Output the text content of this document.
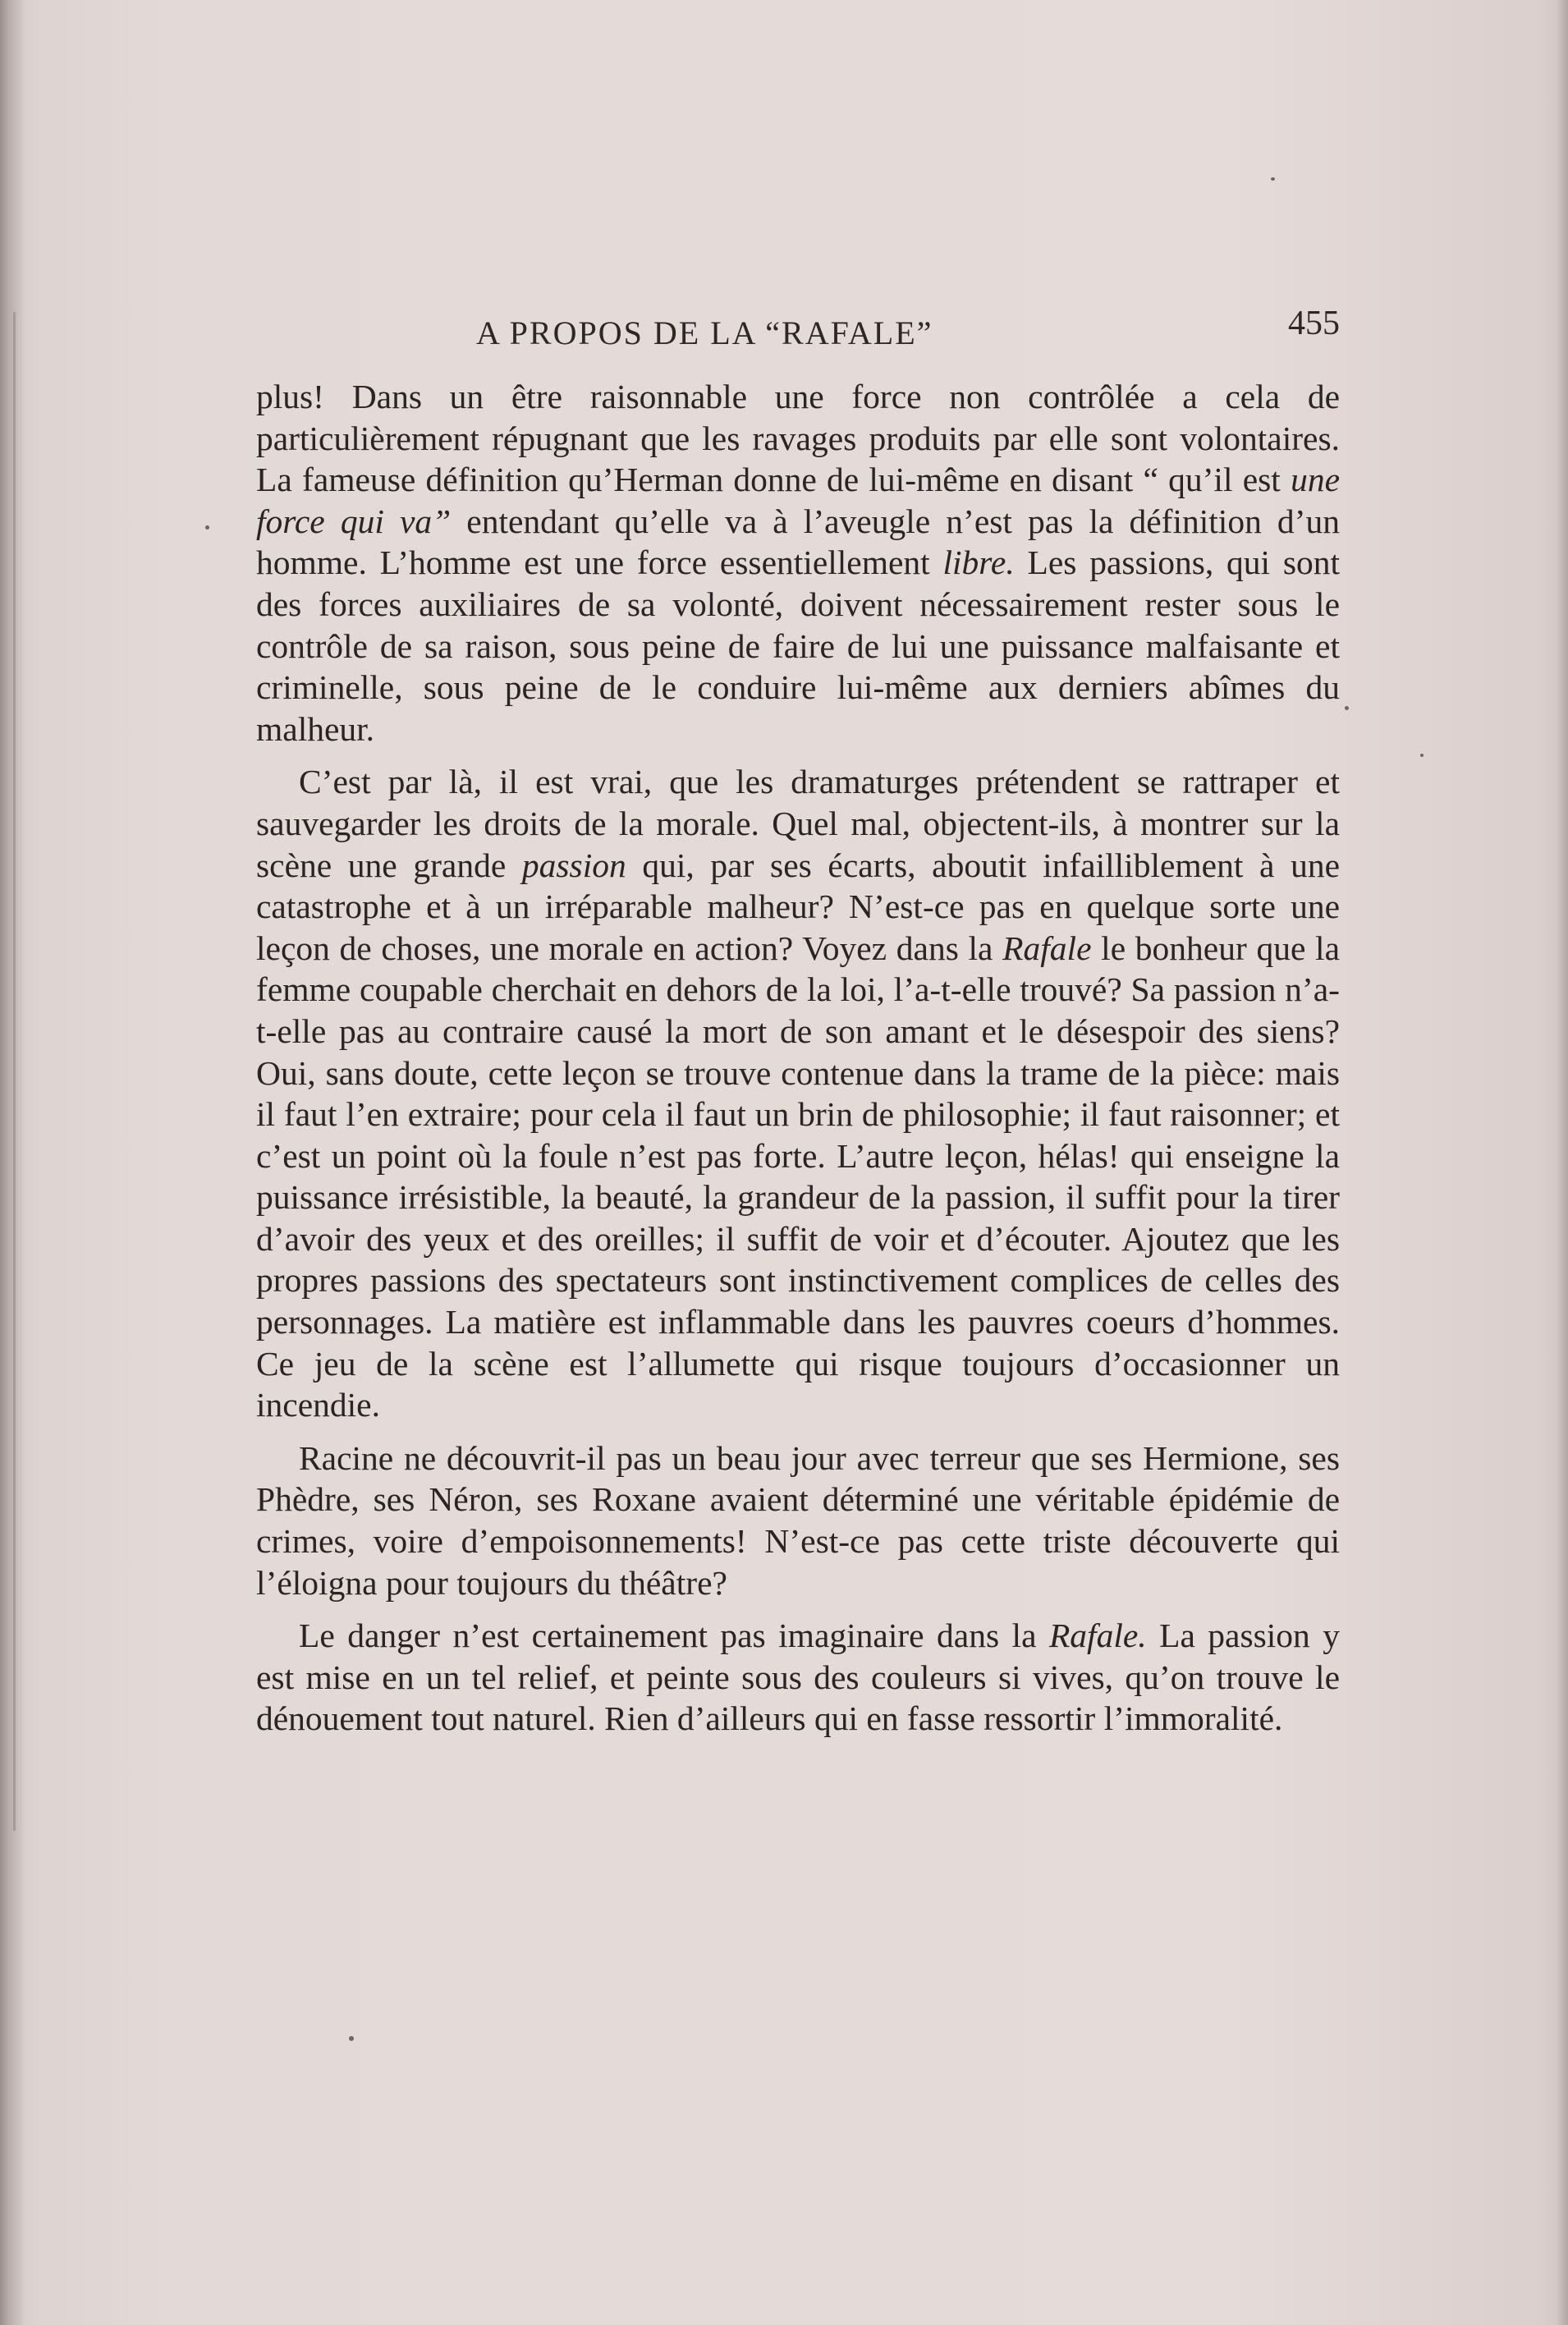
A PROPOS DE LA “RAFALE”	455

plus! Dans un être raisonnable une force non contrôlée a cela de particulièrement répugnant que les ravages produits par elle sont volontaires. La fameuse définition qu’Herman donne de lui-même en disant “ qu’il est une force qui va” entendant qu’elle va à l’aveugle n’est pas la définition d’un homme. L’homme est une force essentiellement libre. Les passions, qui sont des forces auxiliaires de sa volonté, doivent nécessairement rester sous le contrôle de sa raison, sous peine de faire de lui une puissance malfaisante et criminelle, sous peine de le conduire lui-même aux derniers abîmes du malheur.

C’est par là, il est vrai, que les dramaturges prétendent se rattraper et sauvegarder les droits de la morale. Quel mal, objectent-ils, à montrer sur la scène une grande passion qui, par ses écarts, aboutit infailliblement à une catastrophe et à un irréparable malheur? N’est-ce pas en quelque sorte une leçon de choses, une morale en action? Voyez dans la Rafale le bonheur que la femme coupable cherchait en dehors de la loi, l’a-t-elle trouvé? Sa passion n’a-t-elle pas au contraire causé la mort de son amant et le désespoir des siens? Oui, sans doute, cette leçon se trouve contenue dans la trame de la pièce: mais il faut l’en extraire; pour cela il faut un brin de philosophie; il faut raisonner; et c’est un point où la foule n’est pas forte. L’autre leçon, hélas! qui enseigne la puissance irrésistible, la beauté, la grandeur de la passion, il suffit pour la tirer d’avoir des yeux et des oreilles; il suffit de voir et d’écouter. Ajoutez que les propres passions des spectateurs sont instinctivement complices de celles des personnages. La matière est inflammable dans les pauvres coeurs d’hommes. Ce jeu de la scène est l’allumette qui risque toujours d’occasionner un incendie.

Racine ne découvrit-il pas un beau jour avec terreur que ses Hermione, ses Phèdre, ses Néron, ses Roxane avaient déterminé une véritable épidémie de crimes, voire d’empoisonnements! N’est-ce pas cette triste découverte qui l’éloigna pour toujours du théâtre?

Le danger n’est certainement pas imaginaire dans la Rafale. La passion y est mise en un tel relief, et peinte sous des couleurs si vives, qu’on trouve le dénouement tout naturel. Rien d’ailleurs qui en fasse ressortir l’immoralité.
